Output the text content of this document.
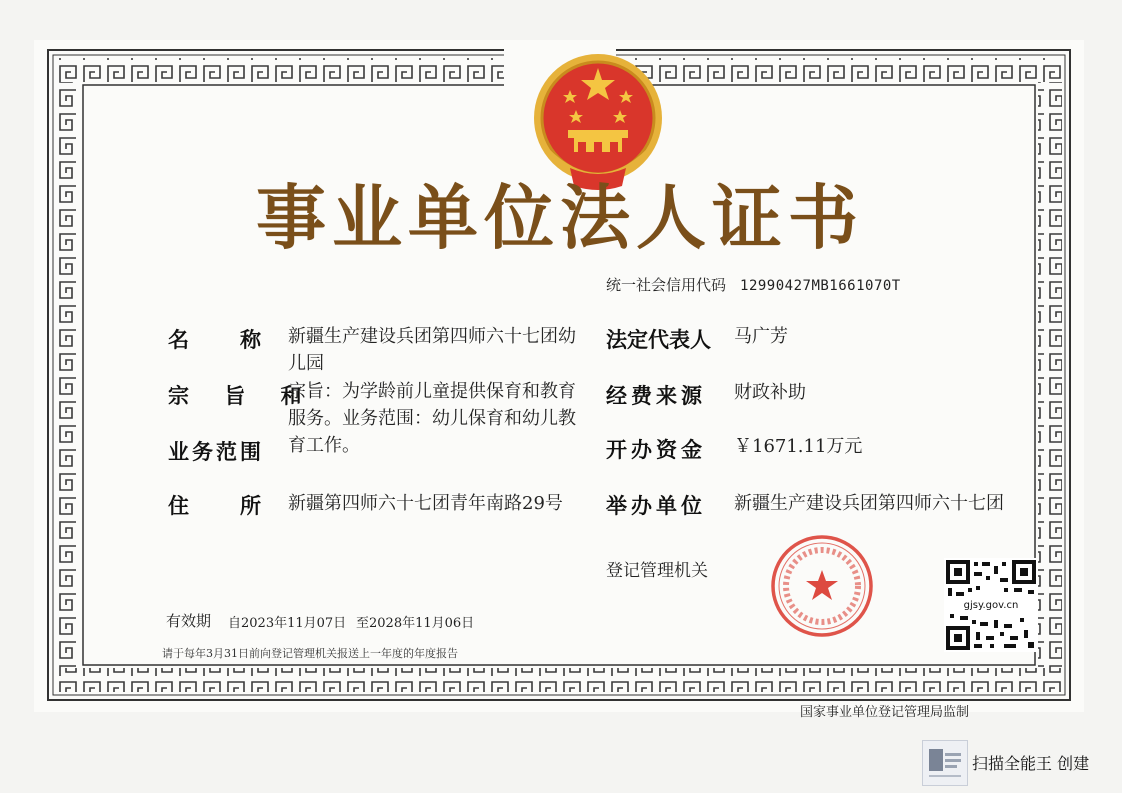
事业单位法人证书
统一社会信用代码 12990427MB1661070T
名　　称 新疆生产建设兵团第四师六十七团幼儿园
宗 旨 和
业务范围
宗旨：为学龄前儿童提供保育和教育服务。业务范围：幼儿保育和幼儿教育工作。
住　　所 新疆第四师六十七团青年南路29号
法定代表人 马广芳
经费来源 财政补助
开办资金 ￥1671.11万元
举办单位 新疆生产建设兵团第四师六十七团
登记管理机关
gjsy.gov.cn
有效期 自2023年11月07日 至2028年11月06日
请于每年3月31日前向登记管理机关报送上一年度的年度报告
国家事业单位登记管理局监制
扫描全能王 创建
